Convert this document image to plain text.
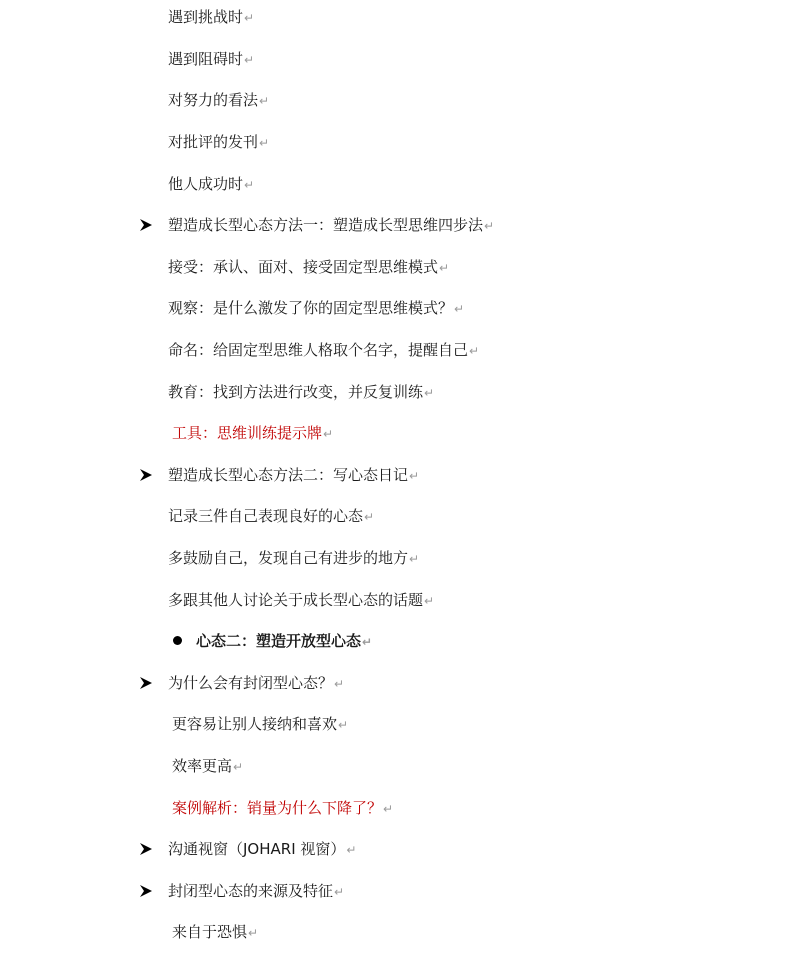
遇到挑战时↵
遇到阻碍时↵
对努力的看法↵
对批评的发刊↵
他人成功时↵
塑造成长型心态方法一：塑造成长型思维四步法↵
接受：承认、面对、接受固定型思维模式↵
观察：是什么激发了你的固定型思维模式？↵
命名：给固定型思维人格取个名字，提醒自己↵
教育：找到方法进行改变，并反复训练↵
工具：思维训练提示牌↵
塑造成长型心态方法二：写心态日记↵
记录三件自己表现良好的心态↵
多鼓励自己，发现自己有进步的地方↵
多跟其他人讨论关于成长型心态的话题↵
心态二：塑造开放型心态↵
为什么会有封闭型心态？↵
更容易让别人接纳和喜欢↵
效率更高↵
案例解析：销量为什么下降了？↵
沟通视窗（JOHARI 视窗）↵
封闭型心态的来源及特征↵
来自于恐惧↵
